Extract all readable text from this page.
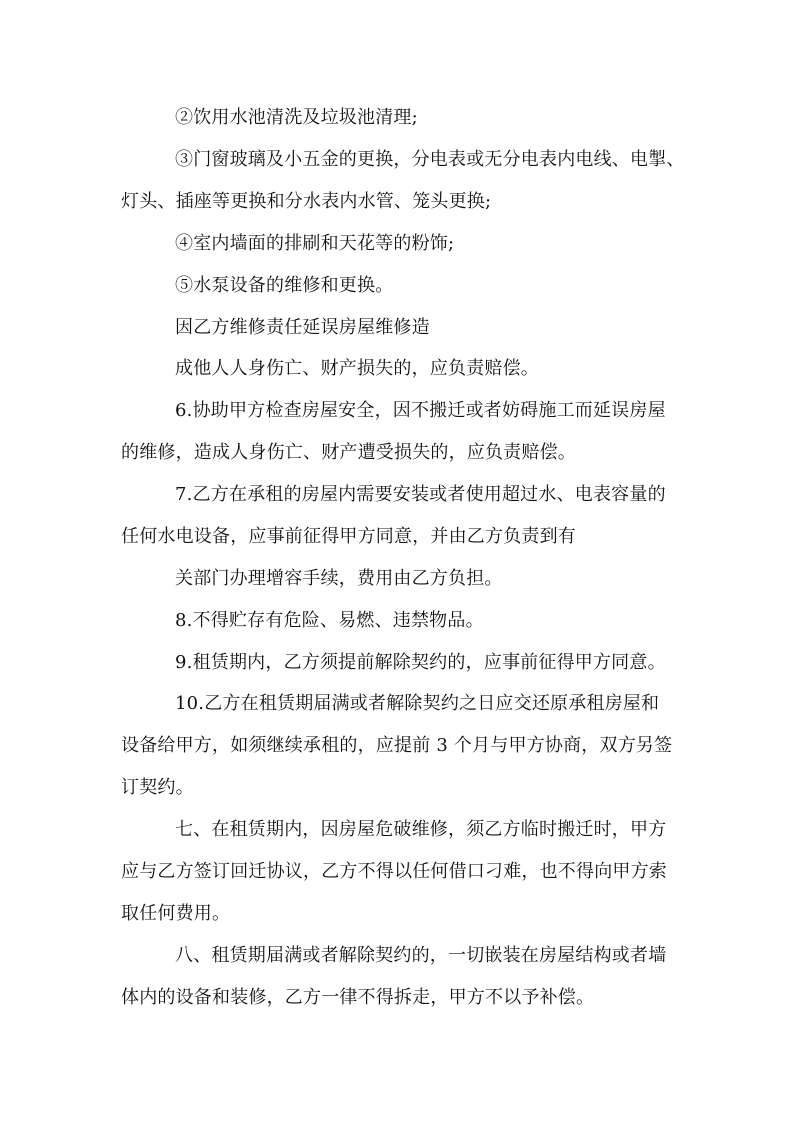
②饮用水池清洗及垃圾池清理;
③门窗玻璃及小五金的更换，分电表或无分电表内电线、电掣、
灯头、插座等更换和分水表内水管、笼头更换;
④室内墙面的排刷和天花等的粉饰;
⑤水泵设备的维修和更换。
因乙方维修责任延误房屋维修造
成他人人身伤亡、财产损失的，应负责赔偿。
6.协助甲方检查房屋安全，因不搬迁或者妨碍施工而延误房屋
的维修，造成人身伤亡、财产遭受损失的，应负责赔偿。
7.乙方在承租的房屋内需要安装或者使用超过水、电表容量的
任何水电设备，应事前征得甲方同意，并由乙方负责到有
关部门办理增容手续，费用由乙方负担。
8.不得贮存有危险、易燃、违禁物品。
9.租赁期内，乙方须提前解除契约的，应事前征得甲方同意。
10.乙方在租赁期届满或者解除契约之日应交还原承租房屋和
设备给甲方，如须继续承租的，应提前 3 个月与甲方协商，双方另签
订契约。
七、在租赁期内，因房屋危破维修，须乙方临时搬迁时，甲方
应与乙方签订回迁协议，乙方不得以任何借口刁难，也不得向甲方索
取任何费用。
八、租赁期届满或者解除契约的，一切嵌装在房屋结构或者墙
体内的设备和装修，乙方一律不得拆走，甲方不以予补偿。
